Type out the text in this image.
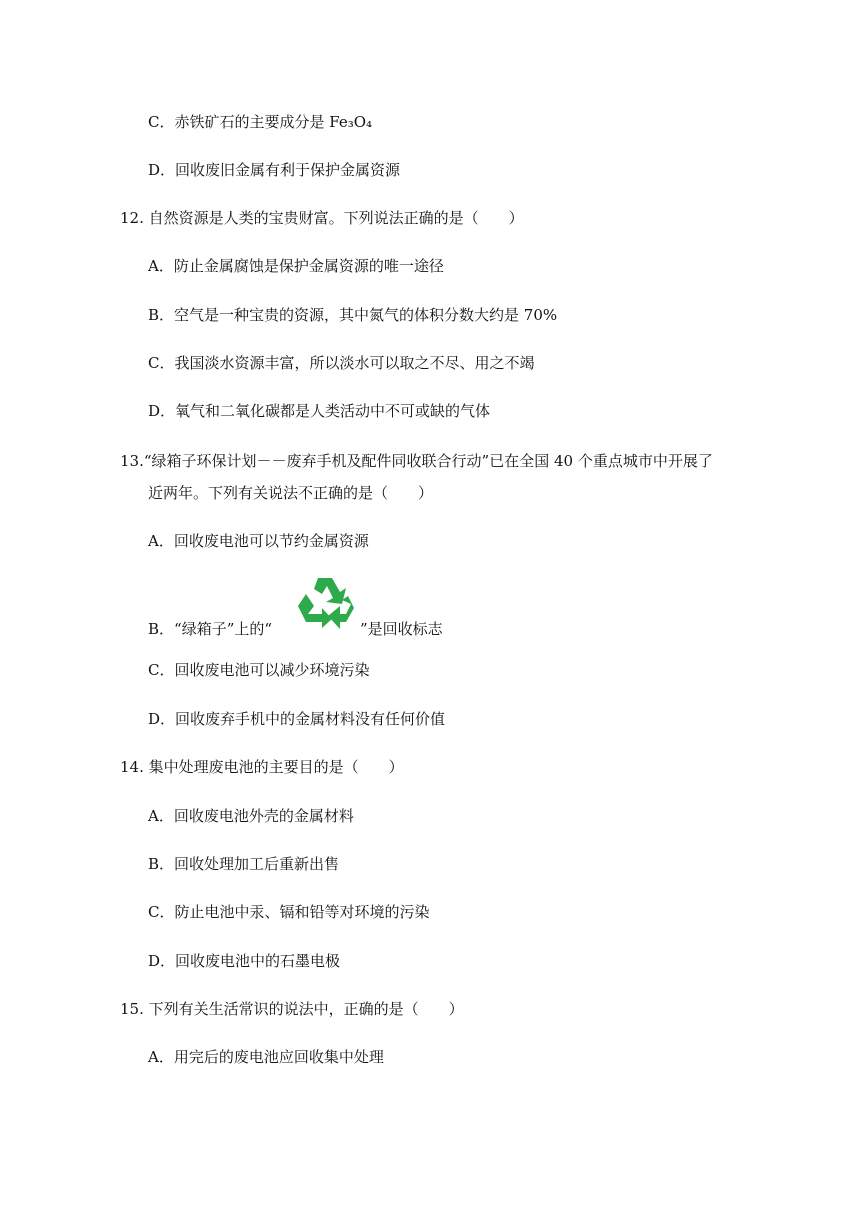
C．赤铁矿石的主要成分是 Fe₃O₄
D．回收废旧金属有利于保护金属资源
12. 自然资源是人类的宝贵财富。下列说法正确的是（　　）
A．防止金属腐蚀是保护金属资源的唯一途径
B．空气是一种宝贵的资源，其中氮气的体积分数大约是 70%
C．我国淡水资源丰富，所以淡水可以取之不尽、用之不竭
D．氧气和二氧化碳都是人类活动中不可或缺的气体
13.“绿箱子环保计划－－废弃手机及配件同收联合行动”已在全国 40 个重点城市中开展了
近两年。下列有关说法不正确的是（　　）
A．回收废电池可以节约金属资源
B．“绿箱子”上的“	”是回收标志
C．回收废电池可以减少环境污染
D．回收废弃手机中的金属材料没有任何价值
14. 集中处理废电池的主要目的是（　　）
A．回收废电池外壳的金属材料
B．回收处理加工后重新出售
C．防止电池中汞、镉和铅等对环境的污染
D．回收废电池中的石墨电极
15. 下列有关生活常识的说法中，正确的是（　　）
A．用完后的废电池应回收集中处理
